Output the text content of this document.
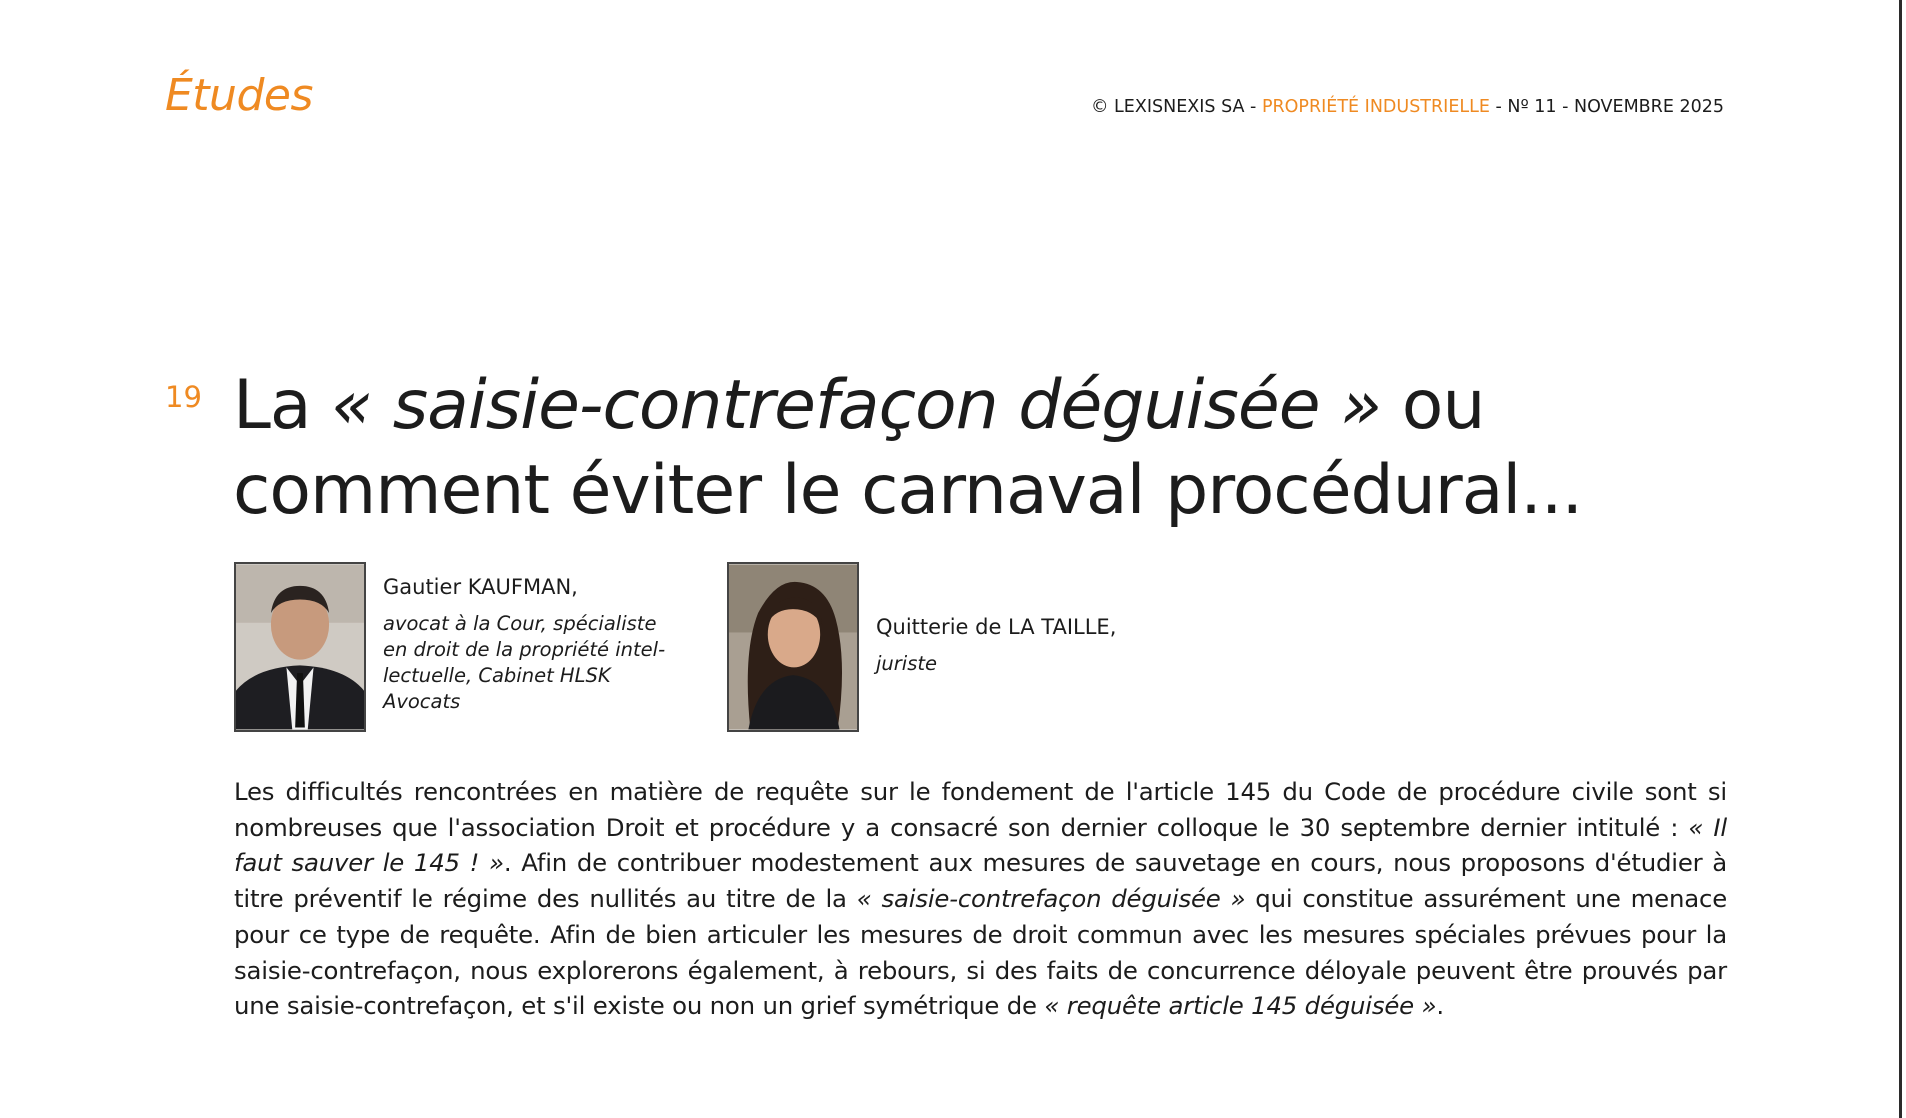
Études	© LEXISNEXIS SA - PROPRIÉTÉ INDUSTRIELLE - Nº 11 - NOVEMBRE 2025
19 La « saisie-contrefaçon déguisée » ou comment éviter le carnaval procédural...
Gautier KAUFMAN,
avocat à la Cour, spécialiste en droit de la propriété intel-lectuelle, Cabinet HLSK Avocats
Quitterie de LA TAILLE,
juriste

Les difficultés rencontrées en matière de requête sur le fondement de l'article 145 du Code de procédure civile sont si nombreuses que l'association Droit et procédure y a consacré son dernier colloque le 30 septembre dernier intitulé : « Il faut sauver le 145 ! ». Afin de contribuer modestement aux mesures de sauvetage en cours, nous proposons d'étudier à titre préventif le régime des nullités au titre de la « saisie-contrefaçon déguisée » qui constitue assurément une menace pour ce type de requête. Afin de bien articuler les mesures de droit commun avec les mesures spéciales prévues pour la saisie-contrefaçon, nous explorerons également, à rebours, si des faits de concurrence déloyale peuvent être prouvés par une saisie-contrefaçon, et s'il existe ou non un grief symétrique de « requête article 145 déguisée ».
